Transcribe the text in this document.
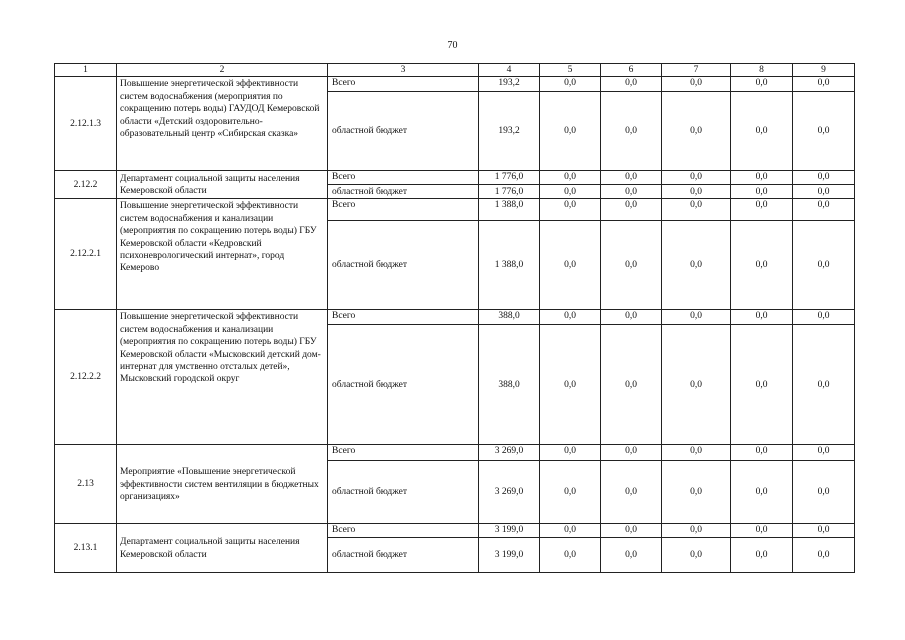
70
1	2	3	4	5	6	7	8	9
2.12.1.3	Повышение энергетической эффективности систем водоснабжения (мероприятия по сокращению потерь воды) ГАУДОД Кемеровской области «Детский оздоровительно-образовательный центр «Сибирская сказка»	Всего	193,2	0,0	0,0	0,0	0,0	0,0
		областной бюджет	193,2	0,0	0,0	0,0	0,0	0,0
2.12.2	Департамент социальной защиты населения Кемеровской области	Всего	1 776,0	0,0	0,0	0,0	0,0	0,0
		областной бюджет	1 776,0	0,0	0,0	0,0	0,0	0,0
2.12.2.1	Повышение энергетической эффективности систем водоснабжения и канализации (мероприятия по сокращению потерь воды) ГБУ Кемеровской области «Кедровский психоневрологический интернат», город Кемерово	Всего	1 388,0	0,0	0,0	0,0	0,0	0,0
		областной бюджет	1 388,0	0,0	0,0	0,0	0,0	0,0
2.12.2.2	Повышение энергетической эффективности систем водоснабжения и канализации (мероприятия по сокращению потерь воды) ГБУ Кемеровской области «Мысковский детский дом-интернат для умственно отсталых детей», Мысковский городской округ	Всего	388,0	0,0	0,0	0,0	0,0	0,0
		областной бюджет	388,0	0,0	0,0	0,0	0,0	0,0
2.13	Мероприятие «Повышение энергетической эффективности систем вентиляции в бюджетных организациях»	Всего	3 269,0	0,0	0,0	0,0	0,0	0,0
		областной бюджет	3 269,0	0,0	0,0	0,0	0,0	0,0
2.13.1	Департамент социальной защиты населения Кемеровской области	Всего	3 199,0	0,0	0,0	0,0	0,0	0,0
		областной бюджет	3 199,0	0,0	0,0	0,0	0,0	0,0
